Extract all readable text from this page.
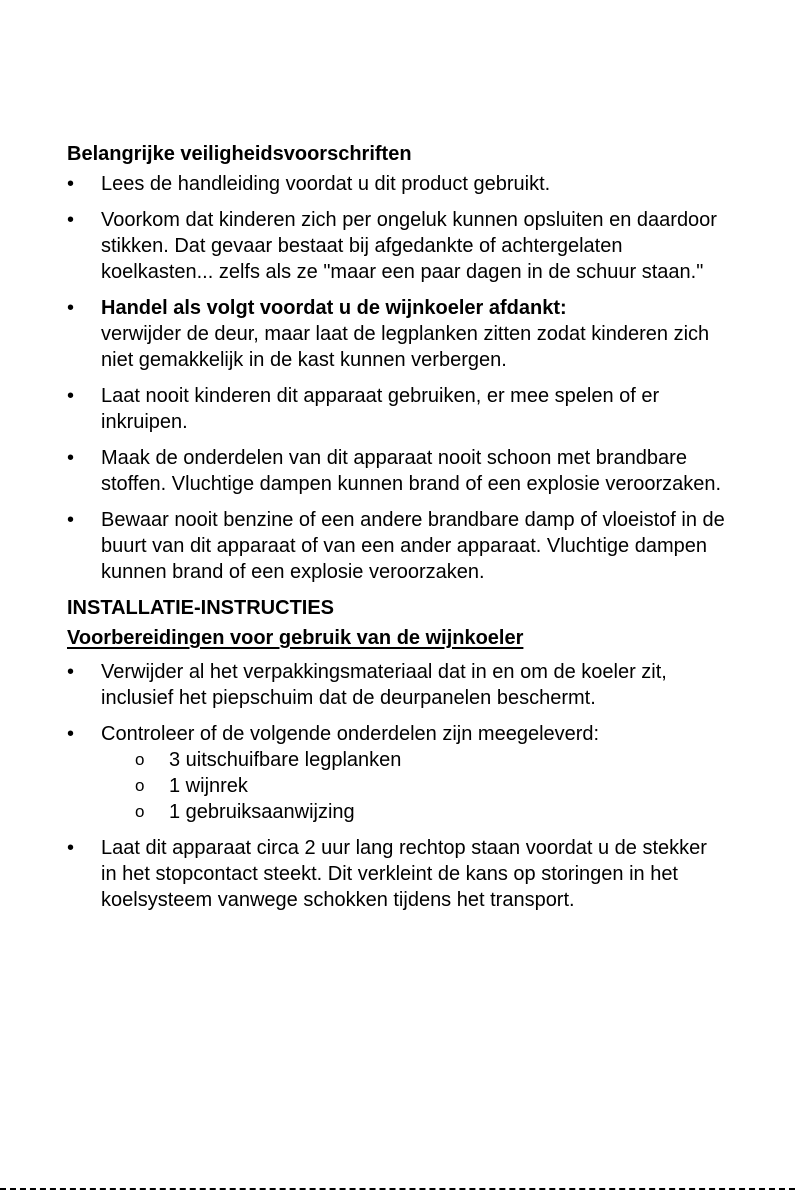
Belangrijke veiligheidsvoorschriften
• Lees de handleiding voordat u dit product gebruikt.
• Voorkom dat kinderen zich per ongeluk kunnen opsluiten en daardoor stikken. Dat gevaar bestaat bij afgedankte of achtergelaten koelkasten... zelfs als ze "maar een paar dagen in de schuur staan."
• Handel als volgt voordat u de wijnkoeler afdankt:
verwijder de deur, maar laat de legplanken zitten zodat kinderen zich niet gemakkelijk in de kast kunnen verbergen.
• Laat nooit kinderen dit apparaat gebruiken, er mee spelen of er inkruipen.
• Maak de onderdelen van dit apparaat nooit schoon met brandbare stoffen. Vluchtige dampen kunnen brand of een explosie veroorzaken.
• Bewaar nooit benzine of een andere brandbare damp of vloeistof in de buurt van dit apparaat of van een ander apparaat. Vluchtige dampen kunnen brand of een explosie veroorzaken.
INSTALLATIE-INSTRUCTIES
Voorbereidingen voor gebruik van de wijnkoeler
• Verwijder al het verpakkingsmateriaal dat in en om de koeler zit, inclusief het piepschuim dat de deurpanelen beschermt.
• Controleer of de volgende onderdelen zijn meegeleverd:
o 3 uitschuifbare legplanken
o 1 wijnrek
o 1 gebruiksaanwijzing
• Laat dit apparaat circa 2 uur lang rechtop staan voordat u de stekker in het stopcontact steekt. Dit verkleint de kans op storingen in het koelsysteem vanwege schokken tijdens het transport.
